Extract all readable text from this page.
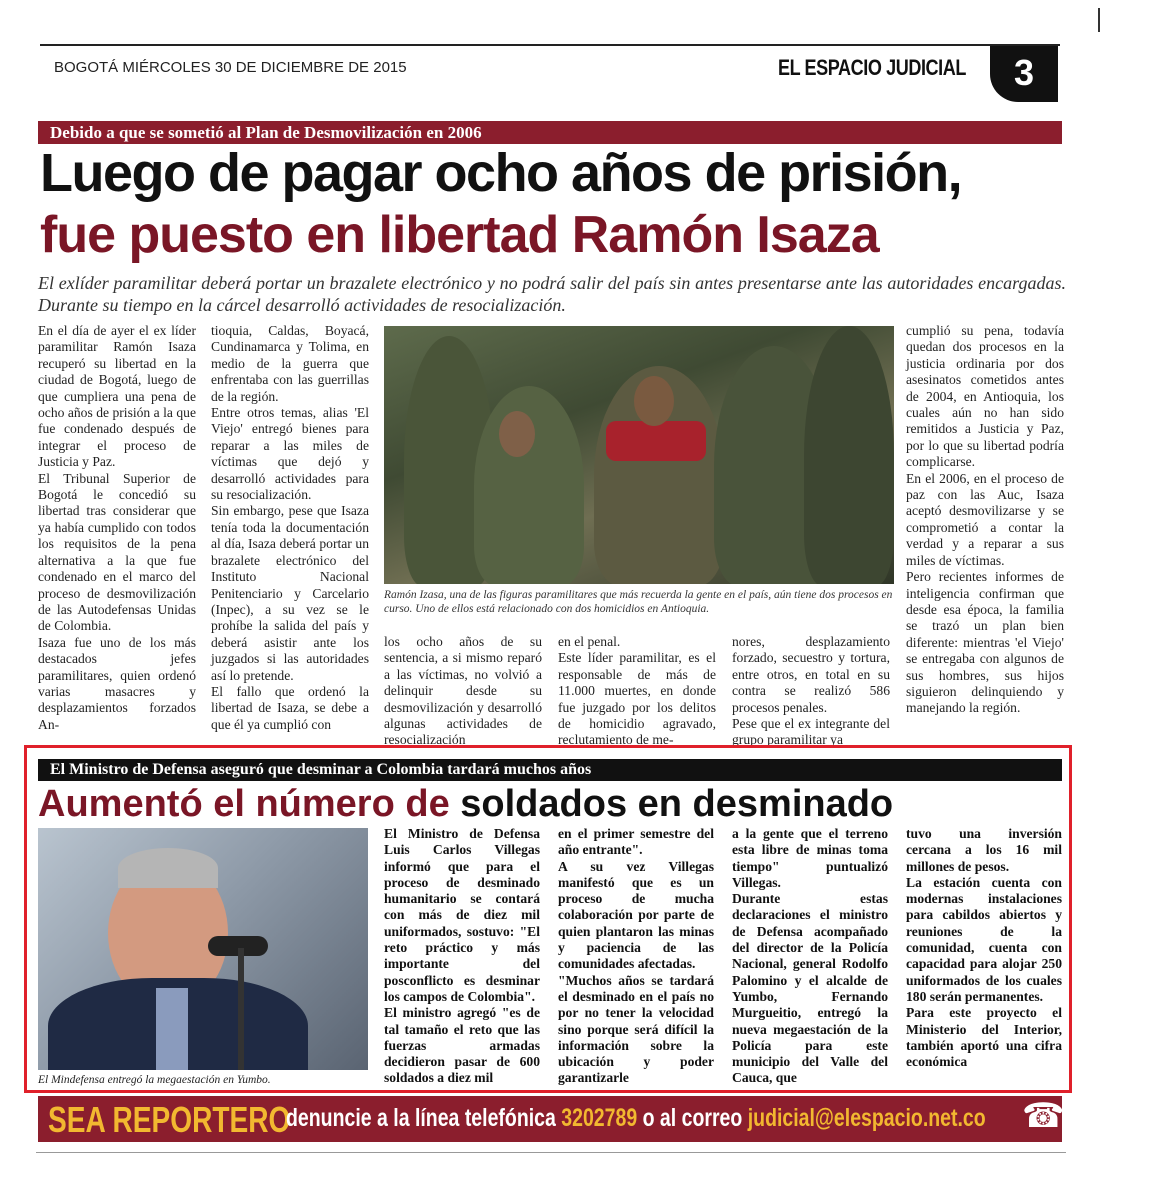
BOGOTÁ MIÉRCOLES 30 DE DICIEMBRE DE 2015	EL ESPACIO JUDICIAL	3
Debido a que se sometió al Plan de Desmovilización en 2006
Luego de pagar ocho años de prisión,
fue puesto en libertad Ramón Isaza
El exlíder paramilitar deberá portar un brazalete electrónico y no podrá salir del país sin antes presentarse ante las autoridades encargadas. Durante su tiempo en la cárcel desarrolló actividades de resocialización.

En el día de ayer el ex líder paramilitar Ramón Isaza recuperó su libertad en la ciudad de Bogotá, luego de que cumpliera una pena de ocho años de prisión a la que fue condenado después de integrar el proceso de Justicia y Paz.

El Tribunal Superior de Bogotá le concedió su libertad tras considerar que ya había cumplido con todos los requisitos de la pena alternativa a la que fue condenado en el marco del proceso de desmovilización de las Autodefensas Unidas de Colombia.

Isaza fue uno de los más destacados jefes paramilitares, quien ordenó varias masacres y desplazamientos forzados An-

tioquia, Caldas, Boyacá, Cundinamarca y Tolima, en medio de la guerra que enfrentaba con las guerrillas de la región.

Entre otros temas, alias 'El Viejo' entregó bienes para reparar a las miles de víctimas que dejó y desarrolló actividades para su resocialización.

Sin embargo, pese que Isaza tenía toda la documentación al día, Isaza deberá portar un brazalete electrónico del Instituto Nacional Penitenciario y Carcelario (Inpec), a su vez se le prohíbe la salida del país y deberá asistir ante los juzgados si las autoridades así lo pretende.

El fallo que ordenó la libertad de Isaza, se debe a que él ya cumplió con

Ramón Izasa, una de las figuras paramilitares que más recuerda la gente en el país, aún tiene dos procesos en curso. Uno de ellos está relacionado con dos homicidios en Antioquia.

los ocho años de su sentencia, a si mismo reparó a las víctimas, no volvió a delinquir desde su desmovilización y desarrolló algunas actividades de resocialización

en el penal.

Este líder paramilitar, es el responsable de más de 11.000 muertes, en donde fue juzgado por los delitos de homicidio agravado, reclutamiento de me-

nores, desplazamiento forzado, secuestro y tortura, entre otros, en total en su contra se realizó 586 procesos penales.

Pese que el ex integrante del grupo paramilitar ya

cumplió su pena, todavía quedan dos procesos en la justicia ordinaria por dos asesinatos cometidos antes de 2004, en Antioquia, los cuales aún no han sido remitidos a Justicia y Paz, por lo que su libertad podría complicarse.

En el 2006, en el proceso de paz con las Auc, Isaza aceptó desmovilizarse y se comprometió a contar la verdad y a reparar a sus miles de víctimas.

Pero recientes informes de inteligencia confirman que desde esa época, la familia se trazó un plan bien diferente: mientras 'el Viejo' se entregaba con algunos de sus hombres, sus hijos siguieron delinquiendo y manejando la región.

El Ministro de Defensa aseguró que desminar a Colombia tardará muchos años
Aumentó el número de soldados en desminado
El Mindefensa entregó la megaestación en Yumbo.

El Ministro de Defensa Luis Carlos Villegas informó que para el proceso de desminado humanitario se contará con más de diez mil uniformados, sostuvo: "El reto práctico y más importante del posconflicto es desminar los campos de Colombia".

El ministro agregó "es de tal tamaño el reto que las fuerzas armadas decidieron pasar de 600 soldados a diez mil

en el primer semestre del año entrante".

A su vez Villegas manifestó que es un proceso de mucha colaboración por parte de quien plantaron las minas y paciencia de las comunidades afectadas.

"Muchos años se tardará el desminado en el país no por no tener la velocidad sino porque será difícil la información sobre la ubicación y poder garantizarle

a la gente que el terreno esta libre de minas toma tiempo" puntualizó Villegas.

Durante estas declaraciones el ministro de Defensa acompañado del director de la Policía Nacional, general Rodolfo Palomino y el alcalde de Yumbo, Fernando Murgueitio, entregó la nueva megaestación de la Policía para este municipio del Valle del Cauca, que

tuvo una inversión cercana a los 16 mil millones de pesos.

La estación cuenta con modernas instalaciones para cabildos abiertos y reuniones de la comunidad, cuenta con capacidad para alojar 250 uniformados de los cuales 180 serán permanentes.

Para este proyecto el Ministerio del Interior, también aportó una cifra económica

SEA REPORTERO
denuncie a la línea telefónica 3202789 o al correo judicial@elespacio.net.co ☎
